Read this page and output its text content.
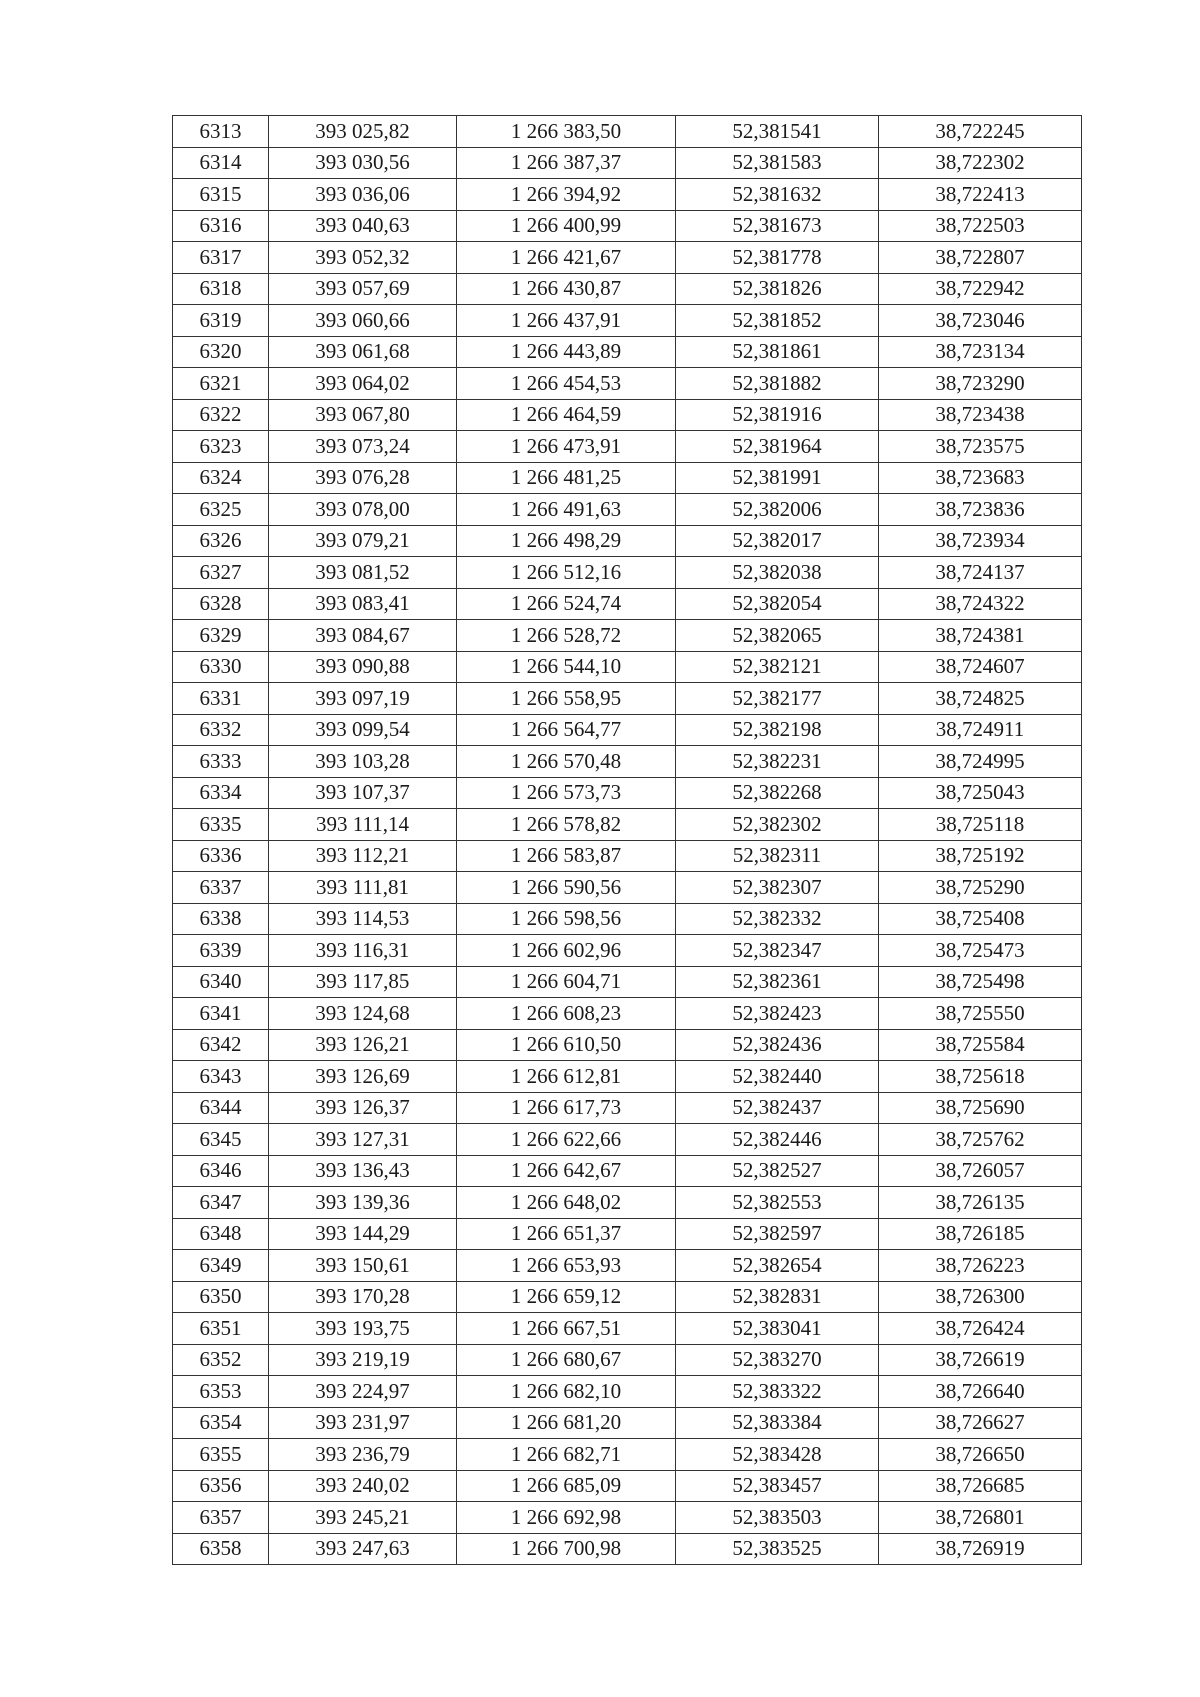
6313	393 025,82	1 266 383,50	52,381541	38,722245
6314	393 030,56	1 266 387,37	52,381583	38,722302
6315	393 036,06	1 266 394,92	52,381632	38,722413
6316	393 040,63	1 266 400,99	52,381673	38,722503
6317	393 052,32	1 266 421,67	52,381778	38,722807
6318	393 057,69	1 266 430,87	52,381826	38,722942
6319	393 060,66	1 266 437,91	52,381852	38,723046
6320	393 061,68	1 266 443,89	52,381861	38,723134
6321	393 064,02	1 266 454,53	52,381882	38,723290
6322	393 067,80	1 266 464,59	52,381916	38,723438
6323	393 073,24	1 266 473,91	52,381964	38,723575
6324	393 076,28	1 266 481,25	52,381991	38,723683
6325	393 078,00	1 266 491,63	52,382006	38,723836
6326	393 079,21	1 266 498,29	52,382017	38,723934
6327	393 081,52	1 266 512,16	52,382038	38,724137
6328	393 083,41	1 266 524,74	52,382054	38,724322
6329	393 084,67	1 266 528,72	52,382065	38,724381
6330	393 090,88	1 266 544,10	52,382121	38,724607
6331	393 097,19	1 266 558,95	52,382177	38,724825
6332	393 099,54	1 266 564,77	52,382198	38,724911
6333	393 103,28	1 266 570,48	52,382231	38,724995
6334	393 107,37	1 266 573,73	52,382268	38,725043
6335	393 111,14	1 266 578,82	52,382302	38,725118
6336	393 112,21	1 266 583,87	52,382311	38,725192
6337	393 111,81	1 266 590,56	52,382307	38,725290
6338	393 114,53	1 266 598,56	52,382332	38,725408
6339	393 116,31	1 266 602,96	52,382347	38,725473
6340	393 117,85	1 266 604,71	52,382361	38,725498
6341	393 124,68	1 266 608,23	52,382423	38,725550
6342	393 126,21	1 266 610,50	52,382436	38,725584
6343	393 126,69	1 266 612,81	52,382440	38,725618
6344	393 126,37	1 266 617,73	52,382437	38,725690
6345	393 127,31	1 266 622,66	52,382446	38,725762
6346	393 136,43	1 266 642,67	52,382527	38,726057
6347	393 139,36	1 266 648,02	52,382553	38,726135
6348	393 144,29	1 266 651,37	52,382597	38,726185
6349	393 150,61	1 266 653,93	52,382654	38,726223
6350	393 170,28	1 266 659,12	52,382831	38,726300
6351	393 193,75	1 266 667,51	52,383041	38,726424
6352	393 219,19	1 266 680,67	52,383270	38,726619
6353	393 224,97	1 266 682,10	52,383322	38,726640
6354	393 231,97	1 266 681,20	52,383384	38,726627
6355	393 236,79	1 266 682,71	52,383428	38,726650
6356	393 240,02	1 266 685,09	52,383457	38,726685
6357	393 245,21	1 266 692,98	52,383503	38,726801
6358	393 247,63	1 266 700,98	52,383525	38,726919
